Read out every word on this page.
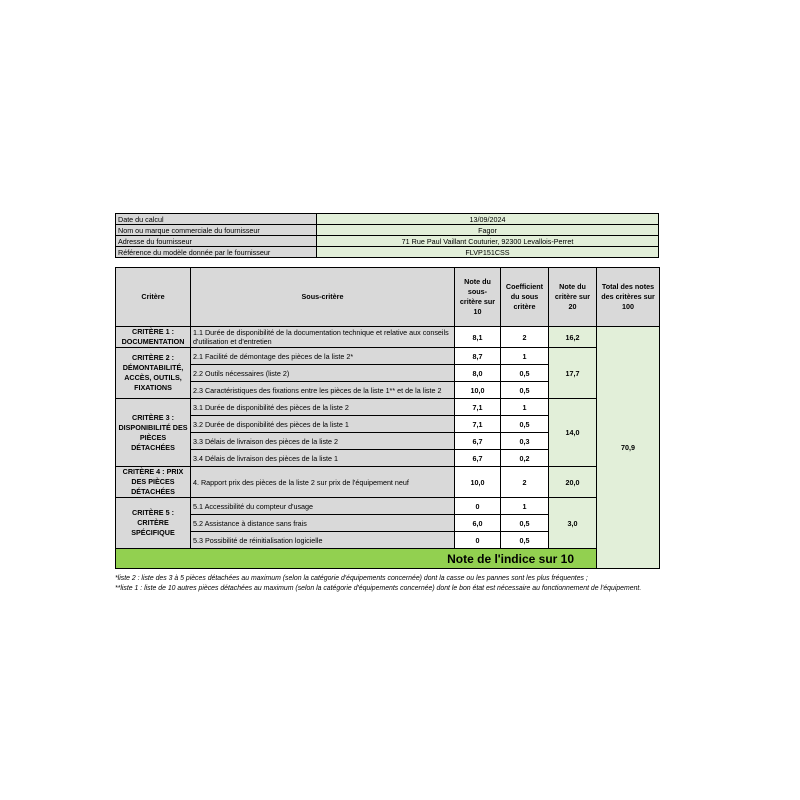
Date du calcul	13/09/2024
Nom ou marque commerciale du fournisseur	Fagor
Adresse du fournisseur	71 Rue Paul Vaillant Couturier, 92300 Levallois-Perret
Référence du modèle donnée par le fournisseur	FLVP151CSS
Critère	Sous-critère	Note du sous-critère sur 10	Coefficient du sous critère	Note du critère sur 20	Total des notes des critères sur 100	
CRITÈRE 1 : DOCUMENTATION	1.1 Durée de disponibilité de la documentation technique et relative aux conseils d'utilisation et d'entretien	8,1	2	16,2	70,9	
CRITÈRE 2 : DÉMONTABILITÉ, ACCÈS, OUTILS, FIXATIONS	2.1 Facilité de démontage des pièces de la liste 2*	8,7	1	17,7		
	2.2 Outils nécessaires (liste 2)	8,0	0,5			
	2.3 Caractéristiques des fixations entre les pièces de la liste 1** et de la liste 2	10,0	0,5			
CRITÈRE 3 : DISPONIBILITÉ DES PIÈCES DÉTACHÉES	3.1 Durée de disponibilité des pièces de la liste 2	7,1	1	14,0		
	3.2 Durée de disponibilité des pièces de la liste 1	7,1	0,5			
	3.3 Délais de livraison des pièces de la liste 2	6,7	0,3			
	3.4 Délais de livraison des pièces de la liste 1	6,7	0,2			
CRITÈRE 4 : PRIX DES PIÈCES DÉTACHÉES	4. Rapport prix des pièces de la liste 2 sur prix de l'équipement neuf	10,0	2	20,0		
CRITÈRE 5 : CRITÈRE SPÉCIFIQUE	5.1 Accessibilité du compteur d'usage	0	1	3,0		
	5.2 Assistance à distance sans frais	6,0	0,5			
	5.3 Possibilité de réinitialisation logicielle	0	0,5			
Note de l'indice sur 10	

*liste 2 : liste des 3 à 5 pièces détachées au maximum (selon la catégorie d'équipements concernée) dont la casse ou les pannes sont les plus fréquentes ;

**liste 1 : liste de 10 autres pièces détachées au maximum (selon la catégorie d'équipements concernée) dont le bon état est nécessaire au fonctionnement de l'équipement.
